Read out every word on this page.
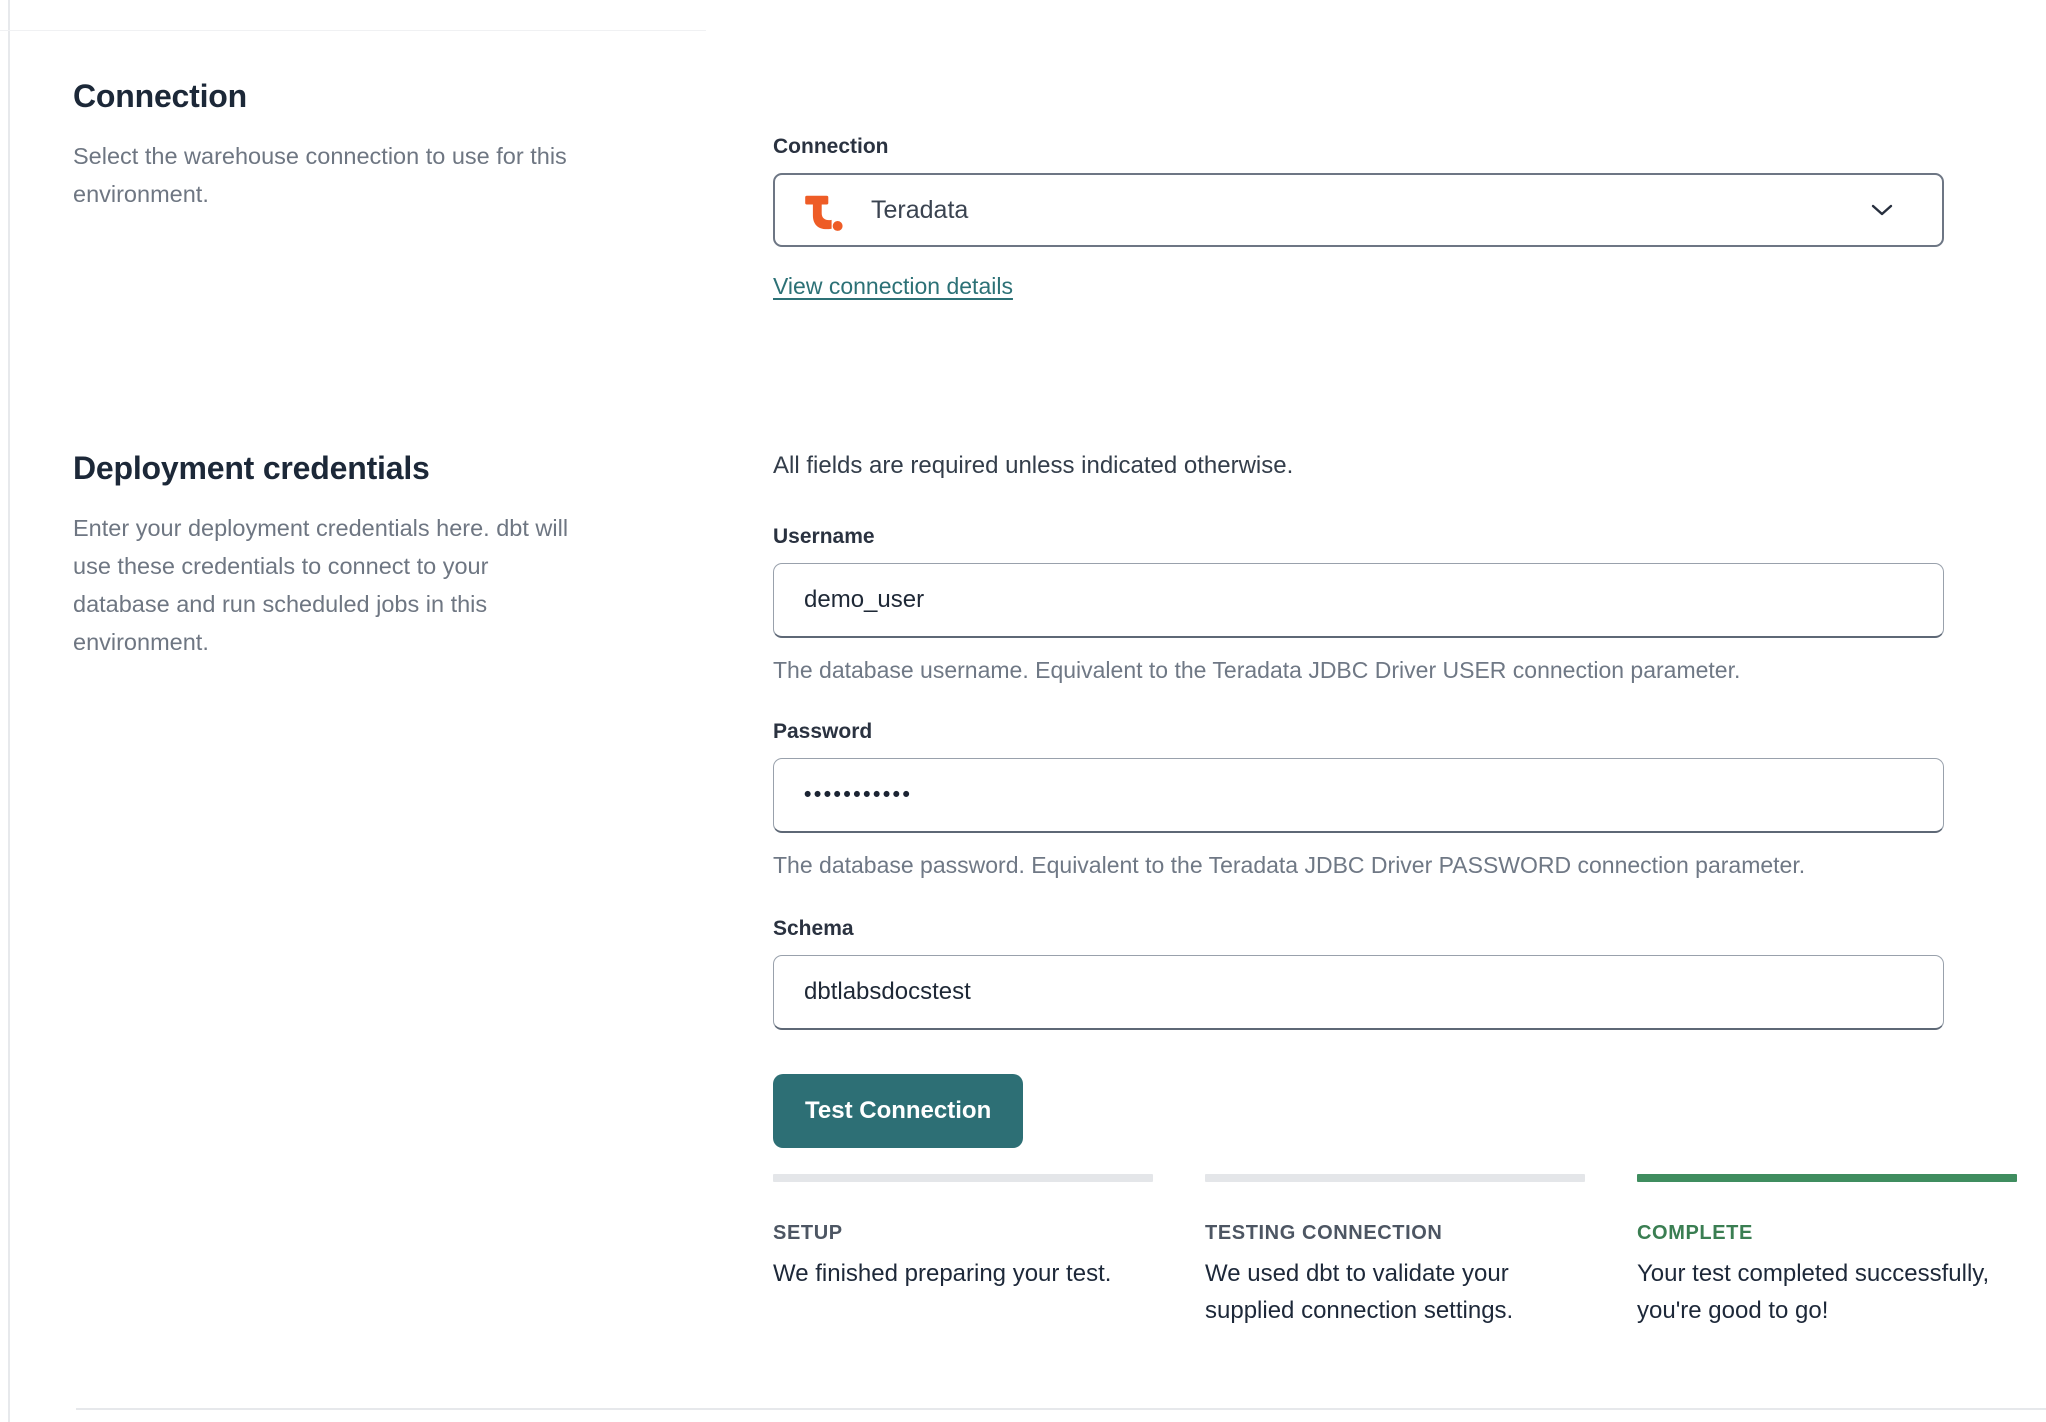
Connection

Select the warehouse connection to use for this environment.

Connection
Teradata
View connection details
Deployment credentials

Enter your deployment credentials here. dbt will use these credentials to connect to your database and run scheduled jobs in this environment.

All fields are required unless indicated otherwise.

Username
demo_user

The database username. Equivalent to the Teradata JDBC Driver USER connection parameter.

Password
•••••••••••

The database password. Equivalent to the Teradata JDBC Driver PASSWORD connection parameter.

Schema
dbtlabsdocstest
Test Connection
SETUP
We finished preparing your test.
TESTING CONNECTION
We used dbt to validate your supplied connection settings.
COMPLETE
Your test completed successfully, you're good to go!
